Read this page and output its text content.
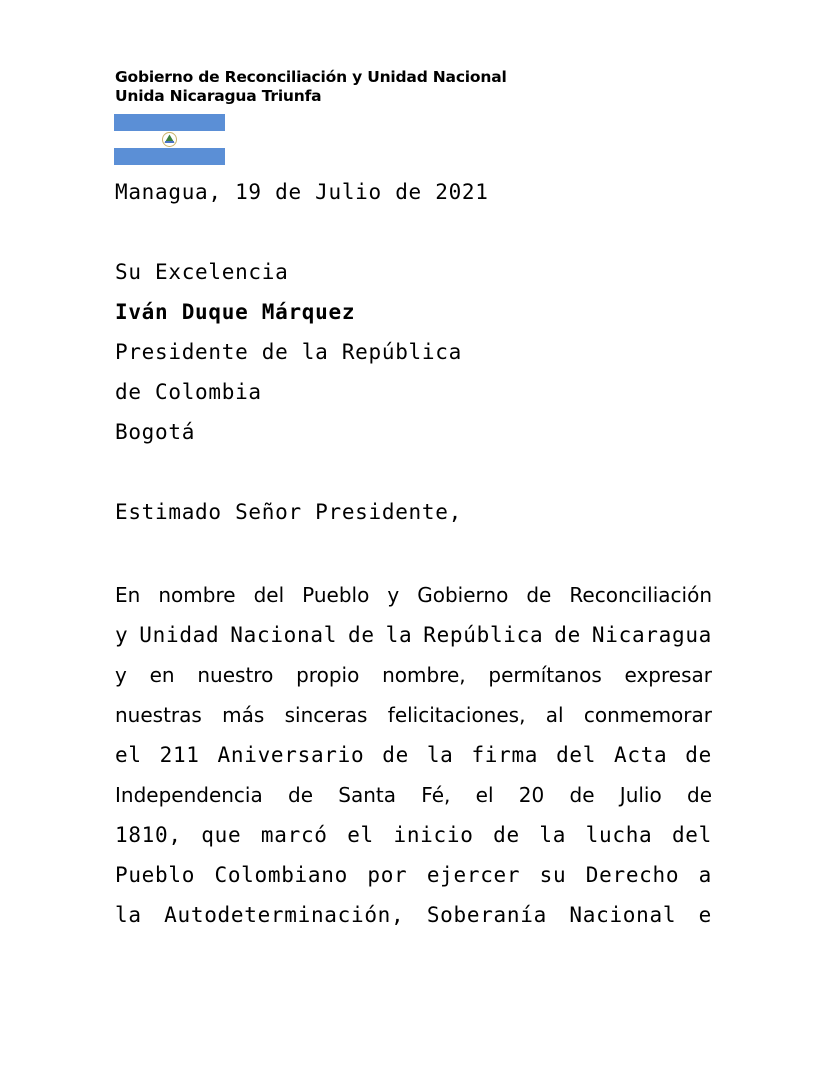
Gobierno de Reconciliación y Unidad Nacional
Unida Nicaragua Triunfa
Managua, 19 de Julio de 2021
Su Excelencia
Iván Duque Márquez
Presidente de la República
de Colombia
Bogotá
Estimado Señor Presidente,
En nombre del Pueblo y Gobierno de Reconciliación
y Unidad Nacional de la República de Nicaragua
y en nuestro propio nombre, permítanos expresar
nuestras más sinceras felicitaciones, al conmemorar
el 211 Aniversario de la firma del Acta de
Independencia de Santa Fé, el 20 de Julio de
1810, que marcó el inicio de la lucha del
Pueblo Colombiano por ejercer su Derecho a
la Autodeterminación, Soberanía Nacional e
